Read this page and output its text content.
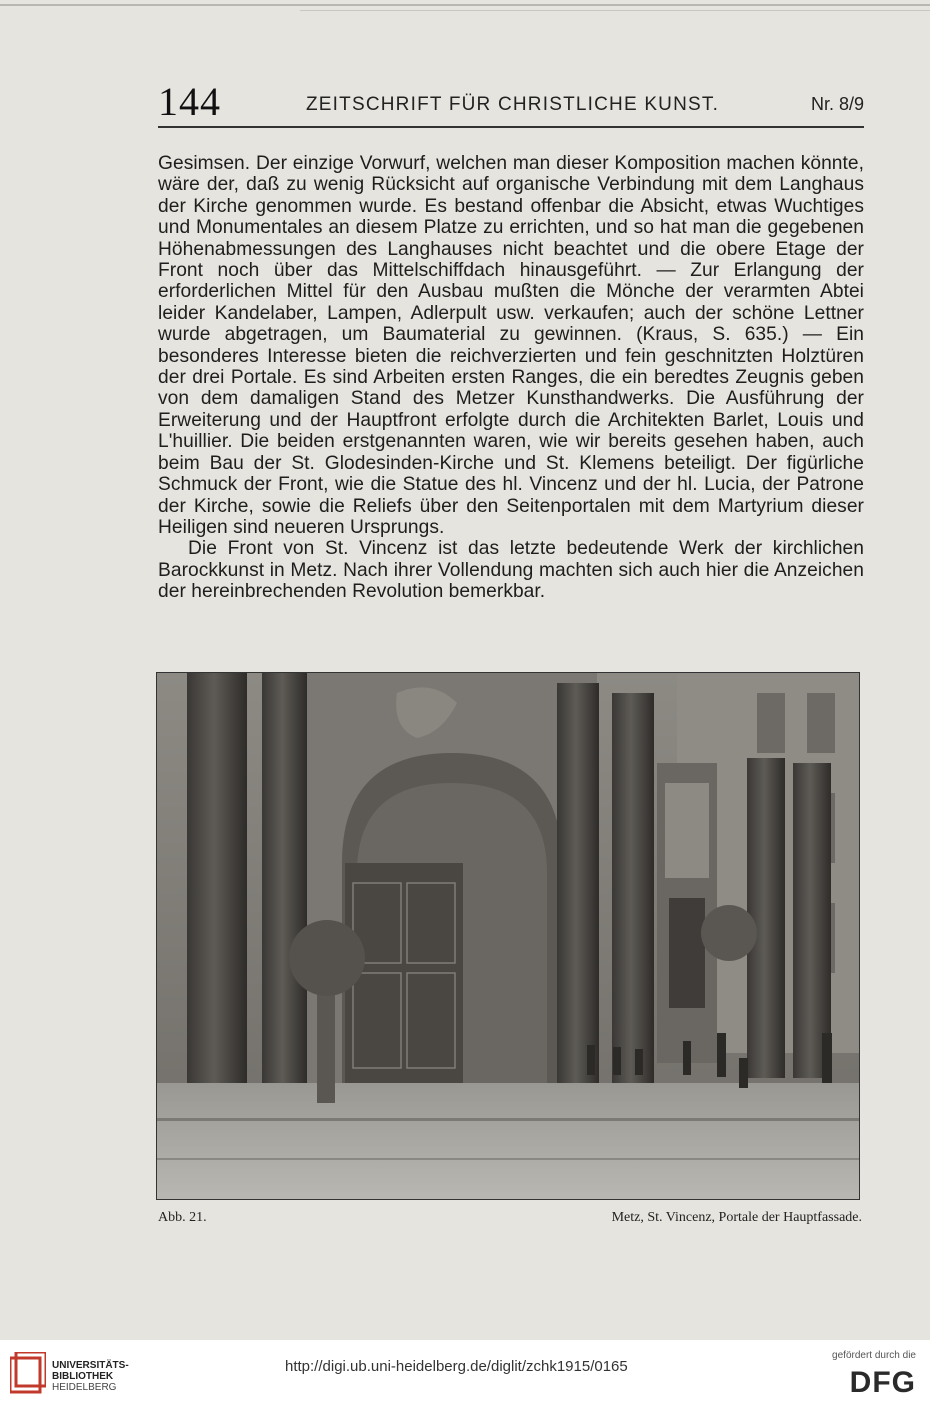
144	ZEITSCHRIFT FÜR CHRISTLICHE KUNST.	Nr. 8/9

Gesimsen. Der einzige Vorwurf, welchen man dieser Komposition machen könnte, wäre der, daß zu wenig Rücksicht auf organische Verbindung mit dem Langhaus der Kirche genommen wurde. Es bestand offenbar die Absicht, etwas Wuchtiges und Monumentales an diesem Platze zu errichten, und so hat man die gegebenen Höhenabmessungen des Langhauses nicht beachtet und die obere Etage der Front noch über das Mittelschiffdach hinausgeführt. — Zur Erlangung der erforderlichen Mittel für den Ausbau mußten die Mönche der verarmten Abtei leider Kandelaber, Lampen, Adlerpult usw. verkaufen; auch der schöne Lettner wurde abgetragen, um Baumaterial zu gewinnen. (Kraus, S. 635.) — Ein besonderes Interesse bieten die reichverzierten und fein geschnitzten Holztüren der drei Portale. Es sind Arbeiten ersten Ranges, die ein beredtes Zeugnis geben von dem damaligen Stand des Metzer Kunsthandwerks. Die Ausführung der Erweiterung und der Hauptfront erfolgte durch die Architekten Barlet, Louis und L'huillier. Die beiden erstgenannten waren, wie wir bereits gesehen haben, auch beim Bau der St. Glodesinden-Kirche und St. Klemens beteiligt. Der figürliche Schmuck der Front, wie die Statue des hl. Vincenz und der hl. Lucia, der Patrone der Kirche, sowie die Reliefs über den Seitenportalen mit dem Martyrium dieser Heiligen sind neueren Ursprungs.

Die Front von St. Vincenz ist das letzte bedeutende Werk der kirchlichen Barockkunst in Metz. Nach ihrer Vollendung machten sich auch hier die Anzeichen der hereinbrechenden Revolution bemerkbar.

Abb. 21.	Metz, St. Vincenz, Portale der Hauptfassade.
UNIVERSITÄTS-
BIBLIOTHEK
HEIDELBERG
http://digi.ub.uni-heidelberg.de/diglit/zchk1915/0165
gefördert durch die
DFG
